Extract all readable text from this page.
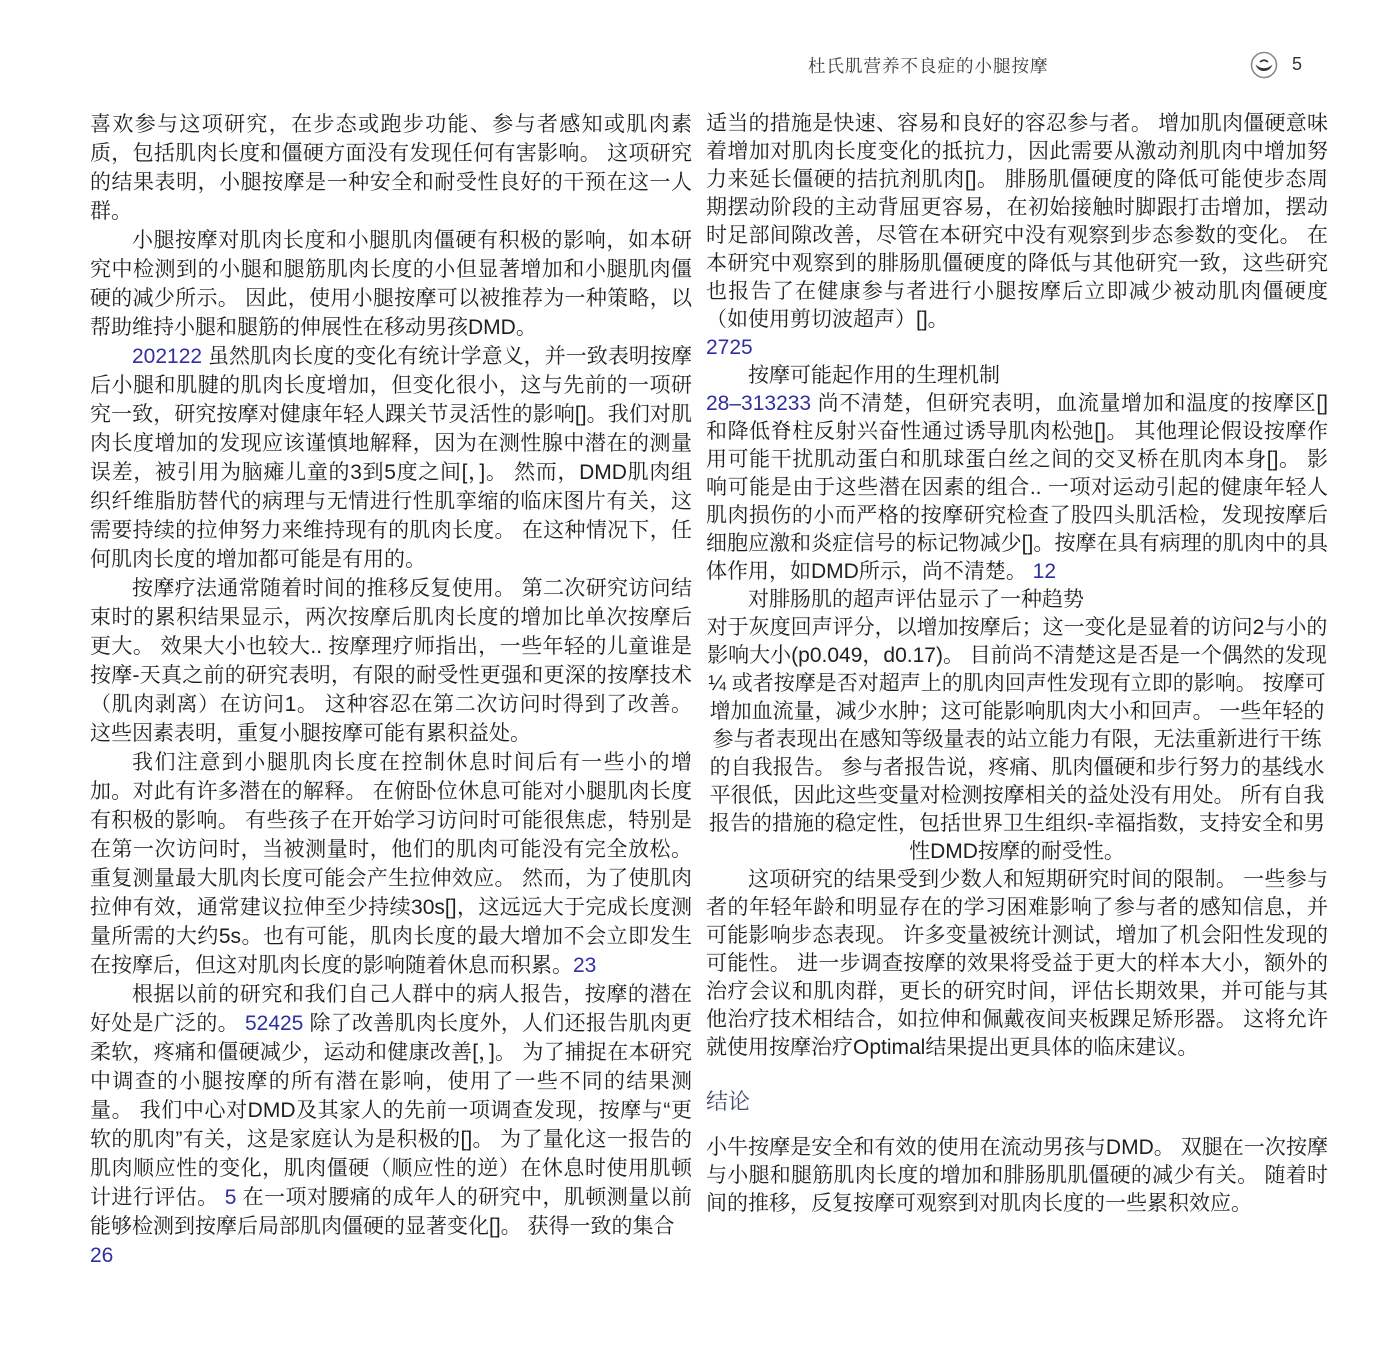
杜氏肌营养不良症的小腿按摩	5

喜欢参与这项研究，在步态或跑步功能、参与者感知或肌肉素质，包括肌肉长度和僵硬方面没有发现任何有害影响。 这项研究的结果表明，小腿按摩是一种安全和耐受性良好的干预在这一人群。

小腿按摩对肌肉长度和小腿肌肉僵硬有积极的影响，如本研究中检测到的小腿和腿筋肌肉长度的小但显著增加和小腿肌肉僵硬的减少所示。 因此，使用小腿按摩可以被推荐为一种策略，以帮助维持小腿和腿筋的伸展性在移动男孩DMD。

202122 虽然肌肉长度的变化有统计学意义，并一致表明按摩后小腿和肌腱的肌肉长度增加，但变化很小，这与先前的一项研究一致，研究按摩对健康年轻人踝关节灵活性的影响[]。我们对肌肉长度增加的发现应该谨慎地解释，因为在测性腺中潜在的测量误差，被引用为脑瘫儿童的3到5度之间[，]。 然而，DMD肌肉组织纤维脂肪替代的病理与无情进行性肌挛缩的临床图片有关，这需要持续的拉伸努力来维持现有的肌肉长度。 在这种情况下，任何肌肉长度的增加都可能是有用的。

按摩疗法通常随着时间的推移反复使用。 第二次研究访问结束时的累积结果显示，两次按摩后肌肉长度的增加比单次按摩后更大。 效果大小也较大.. 按摩理疗师指出，一些年轻的儿童谁是按摩-天真之前的研究表明，有限的耐受性更强和更深的按摩技术（肌肉剥离）在访问1。 这种容忍在第二次访问时得到了改善。 这些因素表明，重复小腿按摩可能有累积益处。

我们注意到小腿肌肉长度在控制休息时间后有一些小的增加。对此有许多潜在的解释。 在俯卧位休息可能对小腿肌肉长度有积极的影响。 有些孩子在开始学习访问时可能很焦虑，特别是在第一次访问时，当被测量时，他们的肌肉可能没有完全放松。重复测量最大肌肉长度可能会产生拉伸效应。 然而，为了使肌肉拉伸有效，通常建议拉伸至少持续30s[]，这远远大于完成长度测量所需的大约5s。也有可能，肌肉长度的最大增加不会立即发生在按摩后，但这对肌肉长度的影响随着休息而积累。23

根据以前的研究和我们自己人群中的病人报告，按摩的潜在好处是广泛的。 52425 除了改善肌肉长度外，人们还报告肌肉更柔软，疼痛和僵硬减少，运动和健康改善[，]。 为了捕捉在本研究中调查的小腿按摩的所有潜在影响，使用了一些不同的结果测量。 我们中心对DMD及其家人的先前一项调查发现，按摩与“更软的肌肉”有关，这是家庭认为是积极的[]。 为了量化这一报告的肌肉顺应性的变化，肌肉僵硬（顺应性的逆）在休息时使用肌顿计进行评估。 5 在一项对腰痛的成年人的研究中，肌顿测量以前能够检测到按摩后局部肌肉僵硬的显著变化[]。 获得一致的集合

26

适当的措施是快速、容易和良好的容忍参与者。 增加肌肉僵硬意味着增加对肌肉长度变化的抵抗力，因此需要从激动剂肌肉中增加努力来延长僵硬的拮抗剂肌肉[]。 腓肠肌僵硬度的降低可能使步态周期摆动阶段的主动背屈更容易，在初始接触时脚跟打击增加，摆动时足部间隙改善，尽管在本研究中没有观察到步态参数的变化。 在本研究中观察到的腓肠肌僵硬度的降低与其他研究一致，这些研究也报告了在健康参与者进行小腿按摩后立即减少被动肌肉僵硬度（如使用剪切波超声）[]。

2725

按摩可能起作用的生理机制

28–313233 尚不清楚，但研究表明，血流量增加和温度的按摩区[]和降低脊柱反射兴奋性通过诱导肌肉松弛[]。 其他理论假设按摩作用可能干扰肌动蛋白和肌球蛋白丝之间的交叉桥在肌肉本身[]。 影响可能是由于这些潜在因素的组合.. 一项对运动引起的健康年轻人肌肉损伤的小而严格的按摩研究检查了股四头肌活检，发现按摩后细胞应激和炎症信号的标记物减少[]。按摩在具有病理的肌肉中的具体作用，如DMD所示，尚不清楚。 12

对腓肠肌的超声评估显示了一种趋势

对于灰度回声评分，以增加按摩后；这一变化是显着的访问2与小的影响大小(p0.049，d0.17)。 目前尚不清楚这是否是一个偶然的发现¼ 或者按摩是否对超声上的肌肉回声性发现有立即的影响。 按摩可增加血流量，减少水肿；这可能影响肌肉大小和回声。 一些年轻的参与者表现出在感知等级量表的站立能力有限，无法重新进行干练的自我报告。 参与者报告说，疼痛、肌肉僵硬和步行努力的基线水平很低，因此这些变量对检测按摩相关的益处没有用处。 所有自我报告的措施的稳定性，包括世界卫生组织-幸福指数，支持安全和男性DMD按摩的耐受性。

这项研究的结果受到少数人和短期研究时间的限制。 一些参与者的年轻年龄和明显存在的学习困难影响了参与者的感知信息，并可能影响步态表现。 许多变量被统计测试，增加了机会阳性发现的可能性。 进一步调查按摩的效果将受益于更大的样本大小，额外的治疗会议和肌肉群，更长的研究时间，评估长期效果，并可能与其他治疗技术相结合，如拉伸和佩戴夜间夹板踝足矫形器。 这将允许就使用按摩治疗Optimal结果提出更具体的临床建议。

结论

小牛按摩是安全和有效的使用在流动男孩与DMD。 双腿在一次按摩与小腿和腿筋肌肉长度的增加和腓肠肌肌僵硬的减少有关。 随着时间的推移，反复按摩可观察到对肌肉长度的一些累积效应。
